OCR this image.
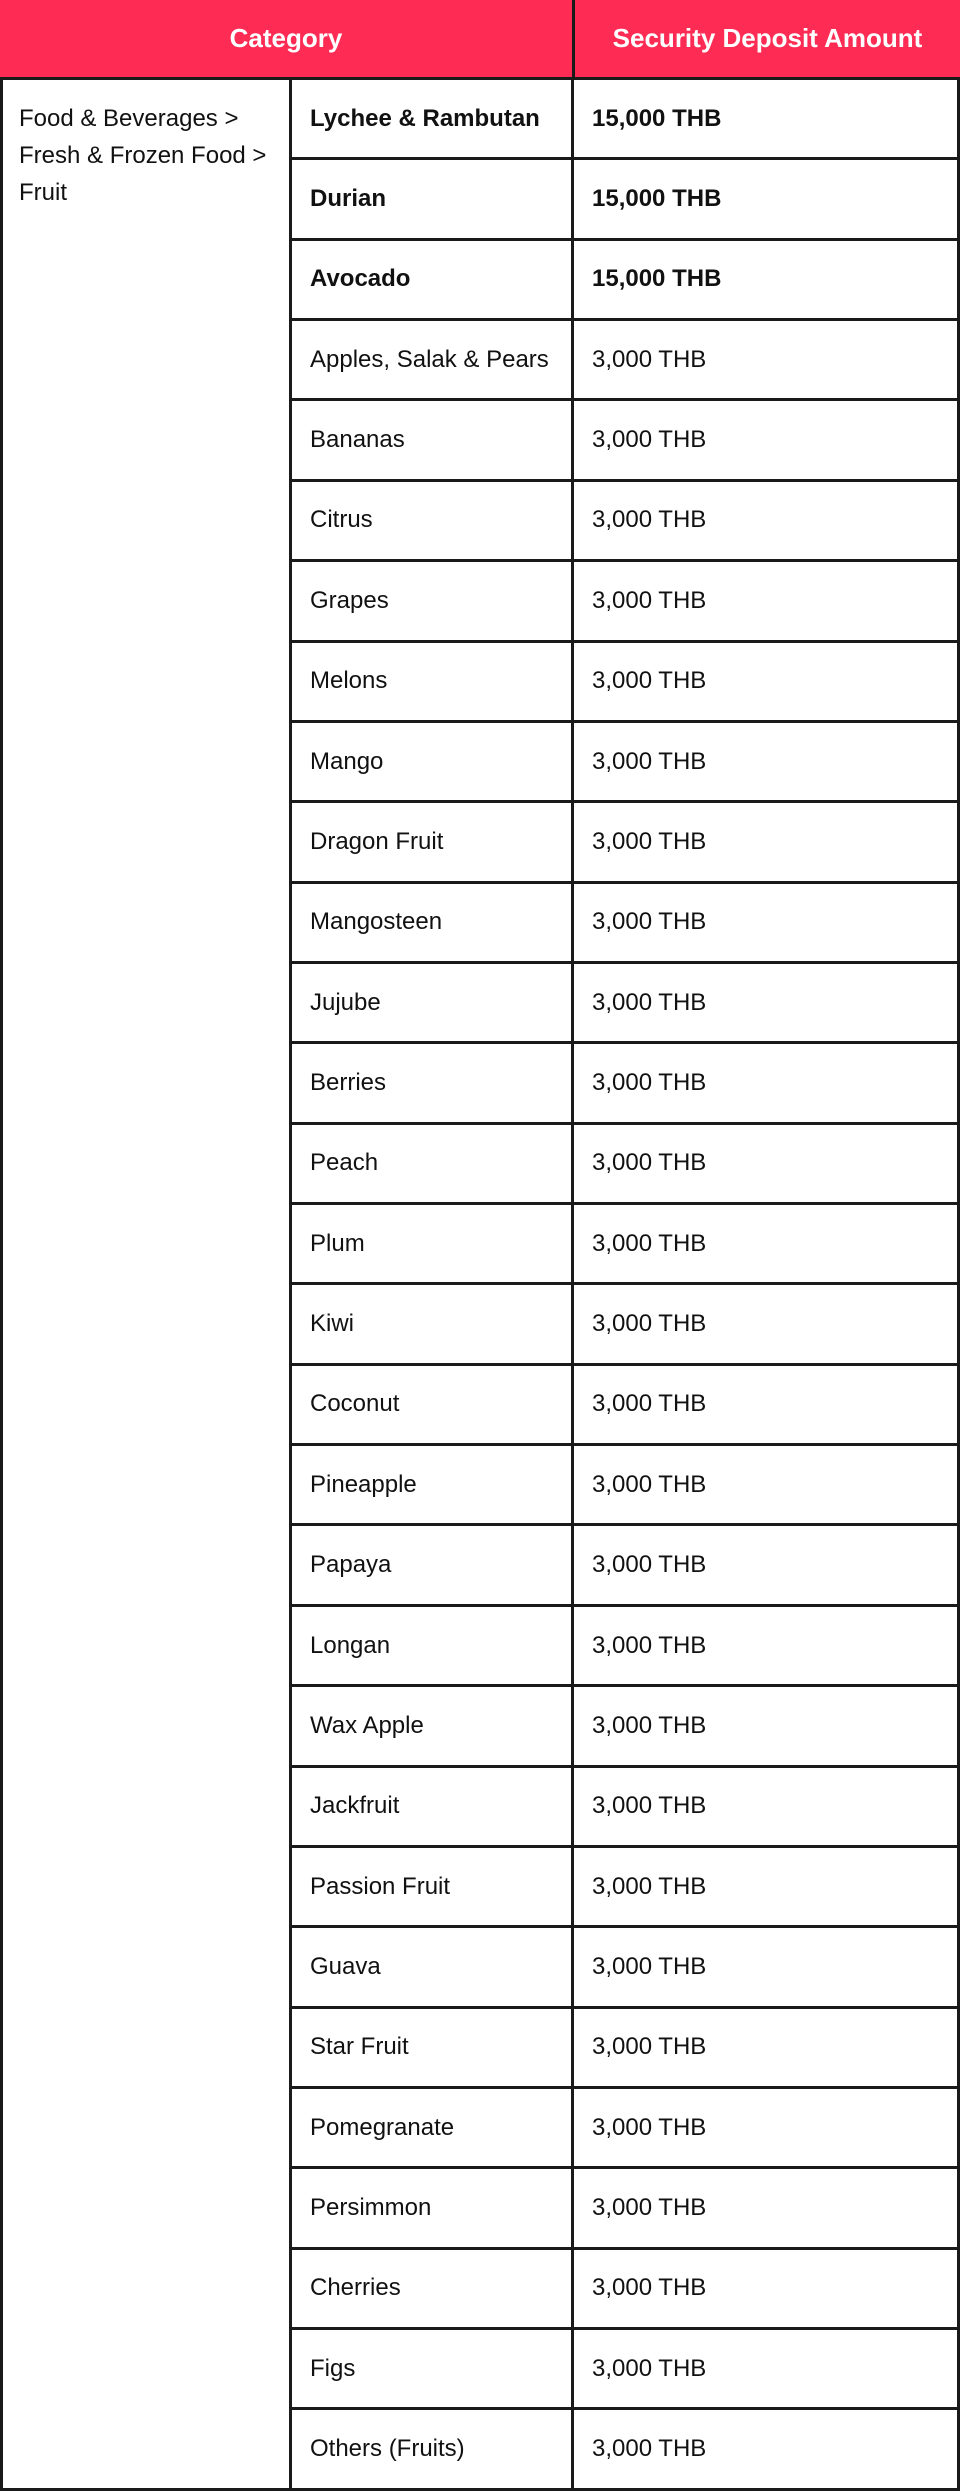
Category	Security Deposit Amount
Food & Beverages > Fresh & Frozen Food > Fruit
Lychee & Rambutan	15,000 THB
Durian	15,000 THB
Avocado	15,000 THB
Apples, Salak & Pears	3,000 THB
Bananas	3,000 THB
Citrus	3,000 THB
Grapes	3,000 THB
Melons	3,000 THB
Mango	3,000 THB
Dragon Fruit	3,000 THB
Mangosteen	3,000 THB
Jujube	3,000 THB
Berries	3,000 THB
Peach	3,000 THB
Plum	3,000 THB
Kiwi	3,000 THB
Coconut	3,000 THB
Pineapple	3,000 THB
Papaya	3,000 THB
Longan	3,000 THB
Wax Apple	3,000 THB
Jackfruit	3,000 THB
Passion Fruit	3,000 THB
Guava	3,000 THB
Star Fruit	3,000 THB
Pomegranate	3,000 THB
Persimmon	3,000 THB
Cherries	3,000 THB
Figs	3,000 THB
Others (Fruits)	3,000 THB
